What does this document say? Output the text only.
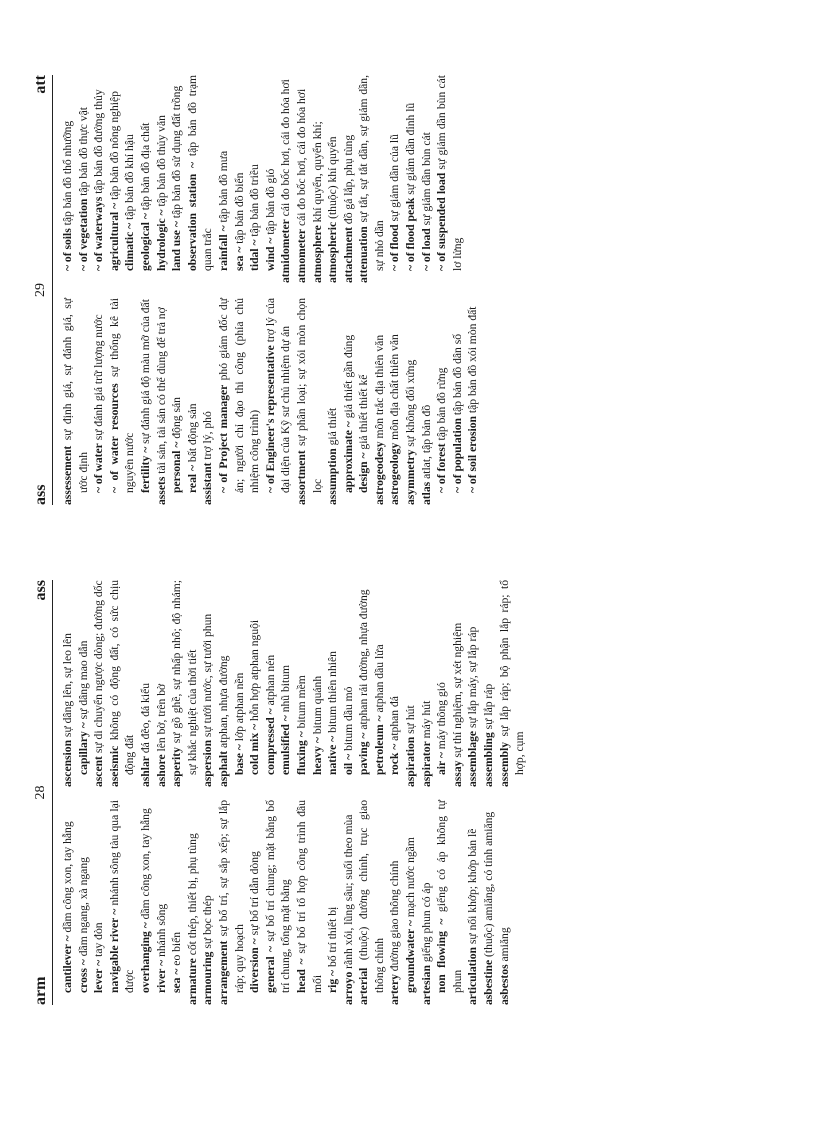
arm
28
ass

cantilever ~ dầm công xon, tay hẫng

cross ~ dầm ngang, xà ngang

lever ~ tay đòn navigable river ~ nhánh sông tàu qua lại được overhanging ~ dầm công xon, tay hẫng

river ~ nhánh sông

sea ~ eo biển

armature cốt thép, thiết bị, phụ tùng

armouring sự bọc thép

arrangement sự bố trí, sự sắp xếp; sự lắp ráp; quy hoạch diversion ~ sự bố trí dẫn dòng

general ~ sự bố trí chung; mặt bằng bố trí chung, tổng mặt bằng head ~ sự bố trí tổ hợp công trình đầu mối rig ~ bố trí thiết bị

arroyo rãnh xói, lũng sâu; suối theo mùa

arterial (thuộc) đường chính, trục giao thông chính artery đường giao thông chính groundwater ~ mạch nước ngầm

artesian giếng phun có áp non flowing ~ giếng có áp không tự phun articulation sự nối khớp; khớp bản lề

asbestine (thuộc) amiăng, có tính amiăng

asbestos amiăng

ascension sự dâng lên, sự leo lên

capillary ~ sự dâng mao dẫn

ascent sự di chuyển ngược dòng; đường dốc

aseismic không có động đất, có sức chịu động đất ashlar đá đẽo, đá kiểu

ashore lên bờ, trên bờ

asperity sự gồ ghề, sự nhấp nhô; độ nhám; sự khắc nghiệt của thời tiết aspersion sự tưới nước, sự tưới phun

asphalt atphan, nhựa đường

base ~ lớp atphan nền

cold mix ~ hỗn hợp atphan nguội

compressed ~ atphan nén

emulsified ~ nhũ bitum

fluxing ~ bitum mềm

heavy ~ bitum quánh

native ~ bitum thiên nhiên

oil ~ bitum dầu mỏ

paving ~ atphan rải đường, nhựa đường

petroleum ~ atphan dầu lửa

rock ~ atphan đá

aspiration sự hút

aspirator máy hút

air ~ máy thông gió

assay sự thí nghiệm, sự xét nghiệm

assemblage sự lắp máy, sự lắp ráp

assembling sự lắp ráp

assembly sự lắp ráp; bộ phận lắp ráp; tổ hợp, cụm

ass
29
att

assessement sự định giá, sự đánh giá, sự ước định ~ of water sự đánh giá trữ lượng nước ~ of water resources sự thống kê tài nguyên nước fertility ~ sự đánh giá độ màu mỡ của đất

assets tài sản, tài sản có thể dùng để trả nợ personal ~ động sản

real ~ bất động sản

assistant trợ lý, phó ~ of Project manager phó giám đốc dự án; người chỉ đạo thi công (phía chủ nhiệm công trình) ~ of Engineer's representative trợ lý của đại diện của Kỹ sư chủ nhiệm dự án assortment sự phân loại; sự xói mòn chọn lọc assumption giả thiết approximate ~ giả thiết gần đúng

design ~ giả thiết thiết kế

astrogeodesy môn trắc địa thiên văn

astrogeology môn địa chất thiên văn

asymmetry sự không đối xứng

atlas atlat, tập bản đồ ~ of forest tập bản đồ rừng

~ of population tập bản đồ dân số

~ of soil erosion tập bản đồ xói mòn đất

~ of soils tập bản đồ thổ nhưỡng

~ of vegetation tập bản đồ thực vật

~ of waterways tập bản đồ đường thủy

agricultural ~ tập bản đồ nông nghiệp

climatic ~ tập bản đồ khí hậu

geological ~ tập bản đồ địa chất

hydrologic ~ tập bản đồ thủy văn

land use ~ tập bản đồ sử dụng đất trồng observation station ~ tập bản đồ trạm quan trắc rainfall ~ tập bản đồ mưa

sea ~ tập bản đồ biển

tidal ~ tập bản đồ triều

wind ~ tập bản đồ gió

atmidometer cái đo bốc hơi, cái đo hóa hơi

atmometer cái đo bốc hơi, cái đo hóa hơi

atmosphere khí quyển, quyển khí;

atmospheric (thuộc) khí quyển

attachment đồ gá lắp, phụ tùng

attenuation sự tắt, sự tắt dần, sự giảm dần, sự nhỏ dần ~ of flood sự giảm dần của lũ

~ of flood peak sự giảm dần đỉnh lũ

~ of load sự giảm dần bùn cát ~ of suspended load sự giảm dần bùn cát lơ lửng
